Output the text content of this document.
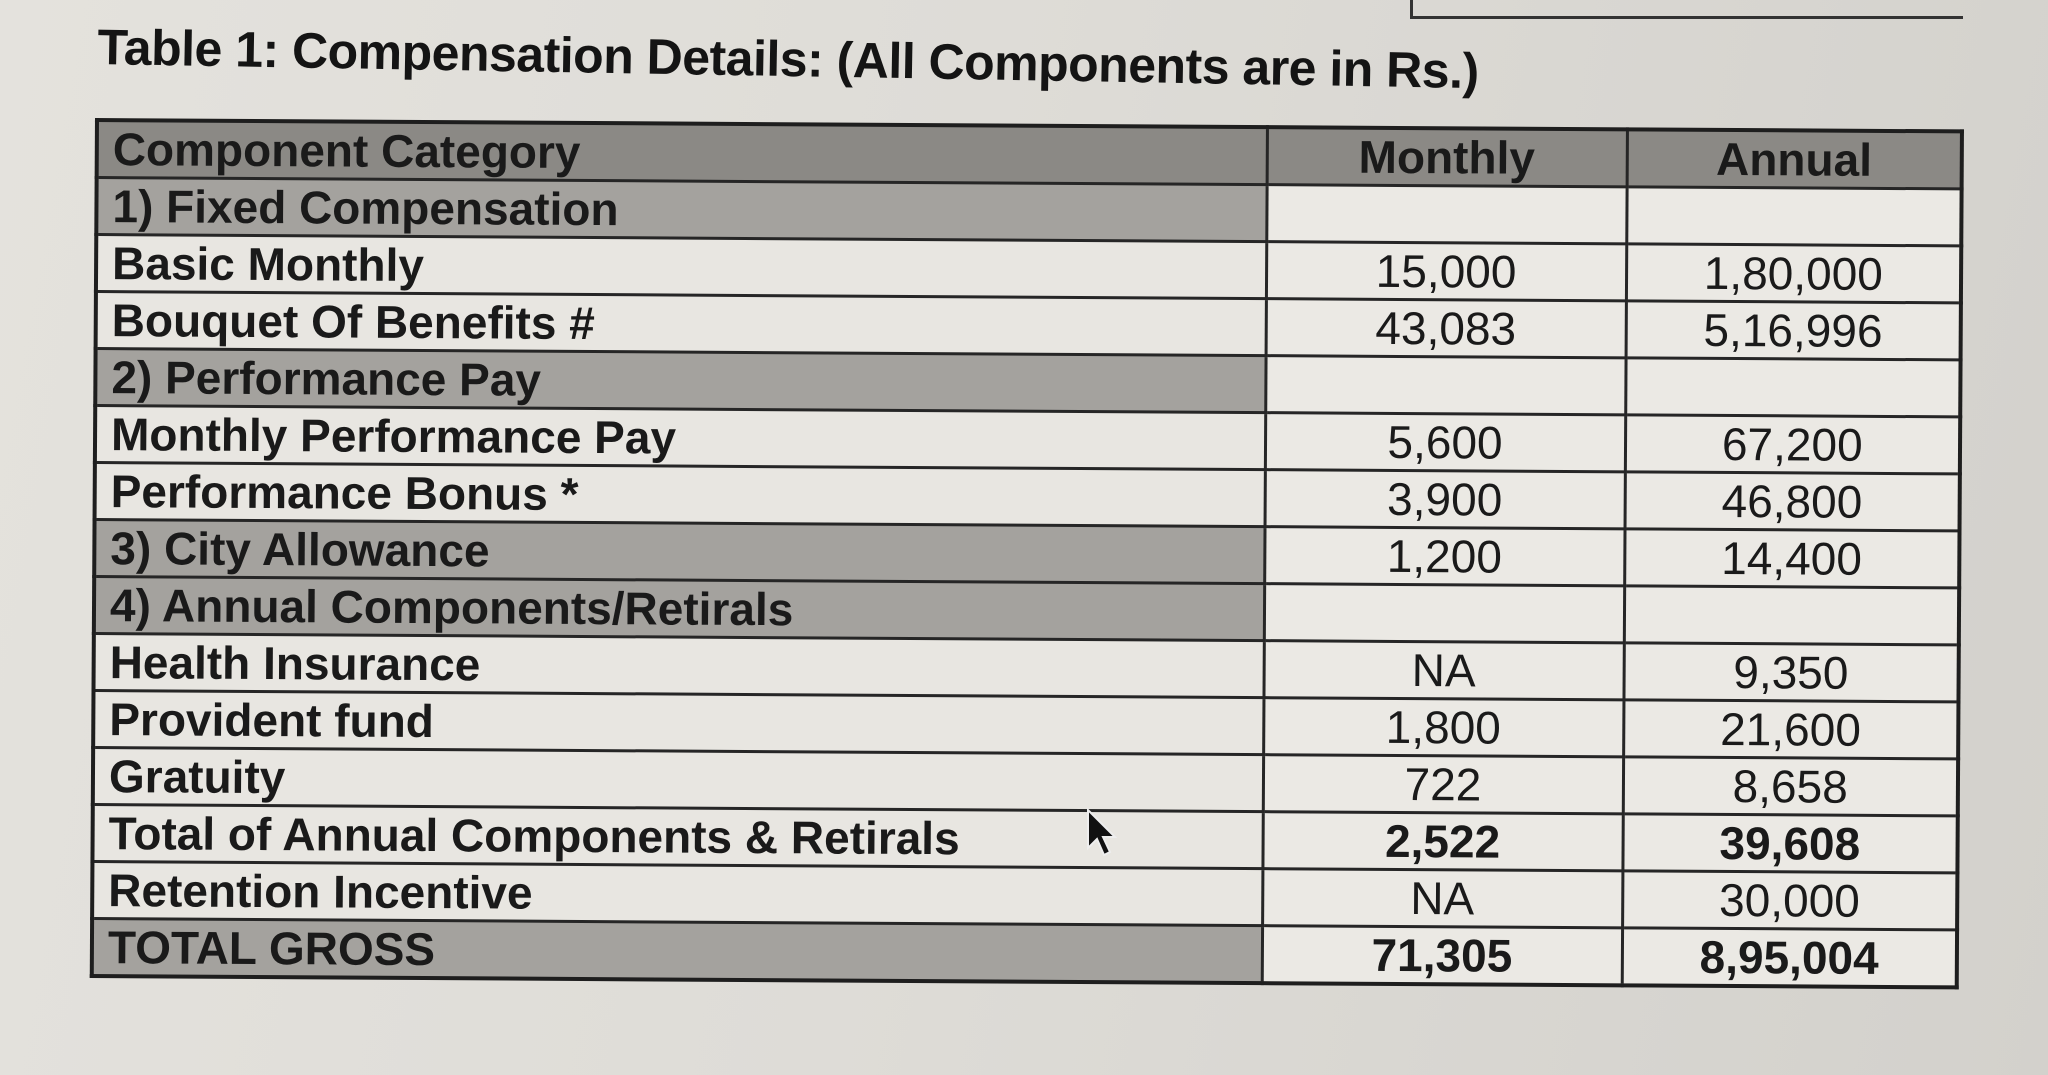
Table 1: Compensation Details: (All Components are in Rs.)
Component Category	Monthly	Annual
1) Fixed Compensation		
Basic Monthly	15,000	1,80,000
Bouquet Of Benefits #	43,083	5,16,996
2) Performance Pay		
Monthly Performance Pay	5,600	67,200
Performance Bonus *	3,900	46,800
3) City Allowance	1,200	14,400
4) Annual Components/Retirals		
Health Insurance	NA	9,350
Provident fund	1,800	21,600
Gratuity	722	8,658
Total of Annual Components & Retirals	2,522	39,608
Retention Incentive	NA	30,000
TOTAL GROSS	71,305	8,95,004
